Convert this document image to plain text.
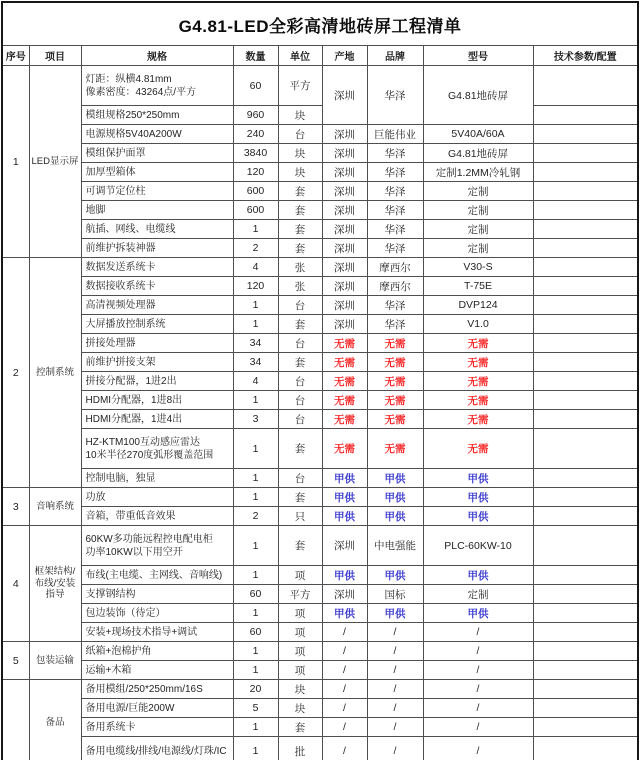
G4.81-LED全彩高清地砖屏工程清单								
序号	项目	规格	数量	单位	产地	品牌	型号	技术参数/配置
1	LED显示屏	灯距：纵横4.81mm
像素密度：43264点/平方	60	平方	深圳	华泽	G4.81地砖屏	

		模组规格250*250mm	960	块				

		电源规格5V40A200W	240	台	深圳	巨能伟业	5V40A/60A	

		模组保护面罩	3840	块	深圳	华泽	G4.81地砖屏	

		加厚型箱体	120	块	深圳	华泽	定制1.2MM冷轧钢	

		可调节定位柱	600	套	深圳	华泽	定制	

		地脚	600	套	深圳	华泽	定制	

		航插、网线、电缆线	1	套	深圳	华泽	定制	

		前维护拆装神器	2	套	深圳	华泽	定制	
2	控制系统	数据发送系统卡	4	张	深圳	摩西尔	V30-S	

		数据接收系统卡	120	张	深圳	摩西尔	T-75E	

		高清视频处理器	1	台	深圳	华泽	DVP124	

		大屏播放控制系统	1	套	深圳	华泽	V1.0	

		拼接处理器	34	台	无需	无需	无需	

		前维护拼接支架	34	套	无需	无需	无需	

		拼接分配器，1进2出	4	台	无需	无需	无需	

		HDMI分配器，1进8出	1	台	无需	无需	无需	

		HDMI分配器，1进4出	3	台	无需	无需	无需	

		HZ-KTM100互动感应雷达
10米半径270度弧形覆盖范围	1	套	无需	无需	无需	

		控制电脑，独显	1	台	甲供	甲供	甲供	
3	音响系统	功放	1	套	甲供	甲供	甲供	

		音箱，带重低音效果	2	只	甲供	甲供	甲供	
4	框架结构/布线/安装指导	60KW多功能远程控电配电柜
功率10KW以下用空开	1	套	深圳	中电强能	PLC-60KW-10	

		布线(主电缆、主网线、音响线)	1	项	甲供	甲供	甲供	

		支撑钢结构	60	平方	深圳	国标	定制	

		包边装饰（待定）	1	项	甲供	甲供	甲供	

		安装+现场技术指导+调试	60	项	/	/	/	
5	包装运输	纸箱+泡棉护角	1	项	/	/	/	

		运输+木箱	1	项	/	/	/	
	备品	备用模组/250*250mm/16S	20	块	/	/	/	

		备用电源/巨能200W	5	块	/	/	/	

		备用系统卡	1	套	/	/	/	

		备用电缆线/排线/电源线/灯珠/IC	1	批	/	/	/	
